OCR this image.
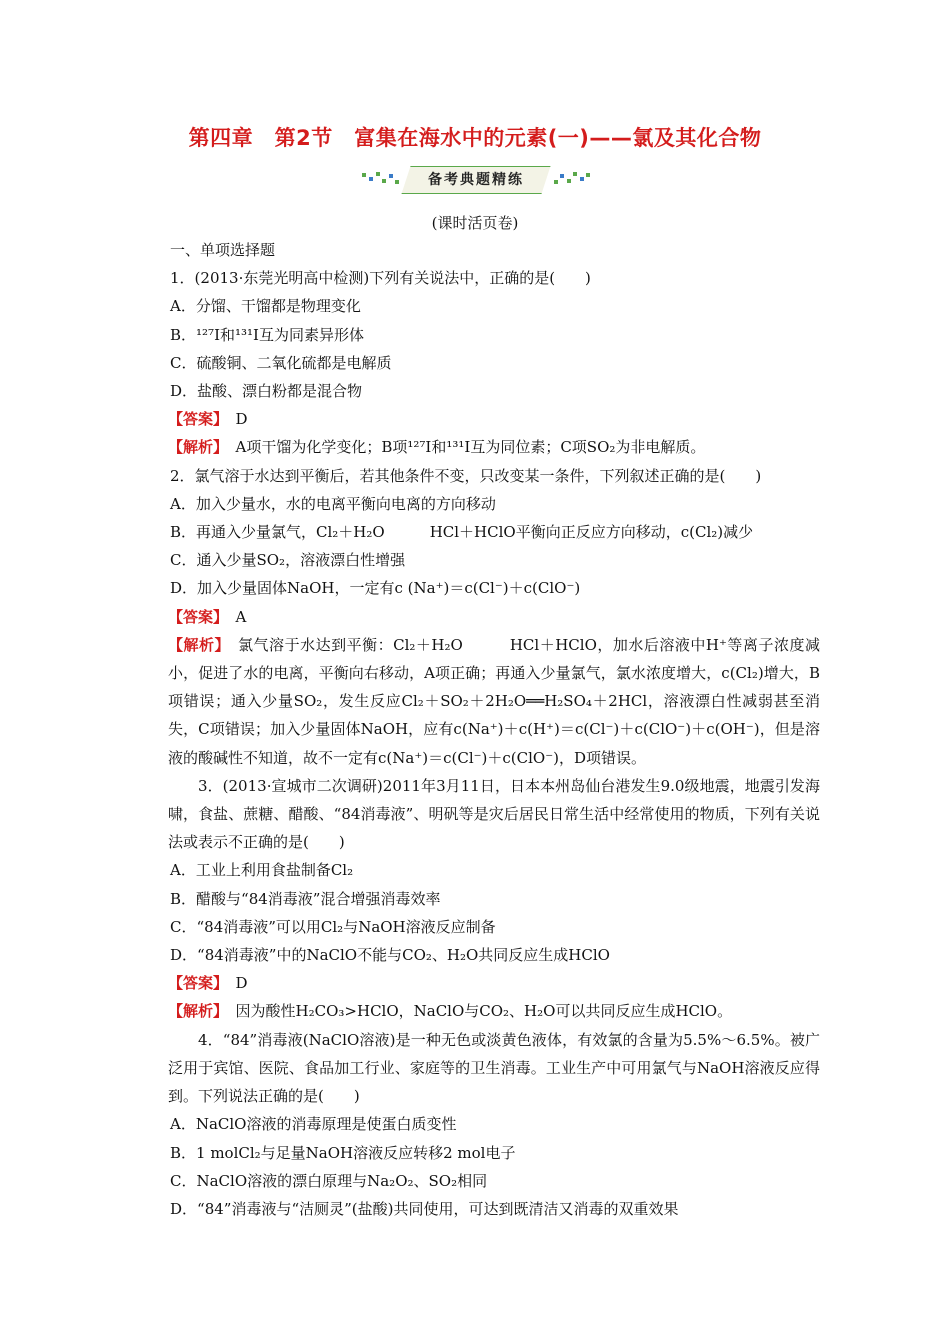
第四章　第2节　富集在海水中的元素(一)——氯及其化合物
备考典题精练
(课时活页卷)

一、单项选择题

1．(2013·东莞光明高中检测)下列有关说法中，正确的是(　　)

A．分馏、干馏都是物理变化

B．¹²⁷I和¹³¹I互为同素异形体

C．硫酸铜、二氧化硫都是电解质

D．盐酸、漂白粉都是混合物

【答案】　 D

【解析】　 A项干馏为化学变化；B项¹²⁷I和¹³¹I互为同位素；C项SO₂为非电解质。

2．氯气溶于水达到平衡后，若其他条件不变，只改变某一条件，下列叙述正确的是(　　)

A．加入少量水，水的电离平衡向电离的方向移动

B．再通入少量氯气，Cl₂＋H₂O　　　HCl＋HClO平衡向正反应方向移动，c(Cl₂)减少

C．通入少量SO₂，溶液漂白性增强

D．加入少量固体NaOH，一定有c (Na⁺)＝c(Cl⁻)＋c(ClO⁻)

【答案】　 A

【解析】　 氯气溶于水达到平衡：Cl₂＋H₂O　　　HCl＋HClO，加水后溶液中H⁺等离子浓度减小，促进了水的电离，平衡向右移动，A项正确；再通入少量氯气，氯水浓度增大，c(Cl₂)增大，B项错误；通入少量SO₂，发生反应Cl₂＋SO₂＋2H₂O══H₂SO₄＋2HCl，溶液漂白性减弱甚至消失，C项错误；加入少量固体NaOH，应有c(Na⁺)＋c(H⁺)＝c(Cl⁻)＋c(ClO⁻)＋c(OH⁻)，但是溶液的酸碱性不知道，故不一定有c(Na⁺)＝c(Cl⁻)＋c(ClO⁻)，D项错误。

3．(2013·宣城市二次调研)2011年3月11日，日本本州岛仙台港发生9.0级地震，地震引发海啸，食盐、蔗糖、醋酸、“84消毒液”、明矾等是灾后居民日常生活中经常使用的物质，下列有关说法或表示不正确的是(　　)

A．工业上利用食盐制备Cl₂

B．醋酸与“84消毒液”混合增强消毒效率

C．“84消毒液”可以用Cl₂与NaOH溶液反应制备

D．“84消毒液”中的NaClO不能与CO₂、H₂O共同反应生成HClO

【答案】　 D

【解析】　 因为酸性H₂CO₃>HClO，NaClO与CO₂、H₂O可以共同反应生成HClO。

4．“84”消毒液(NaClO溶液)是一种无色或淡黄色液体，有效氯的含量为5.5%～6.5%。被广泛用于宾馆、医院、食品加工行业、家庭等的卫生消毒。工业生产中可用氯气与NaOH溶液反应得到。下列说法正确的是(　　)

A．NaClO溶液的消毒原理是使蛋白质变性

B．1 molCl₂与足量NaOH溶液反应转移2 mol电子

C．NaClO溶液的漂白原理与Na₂O₂、SO₂相同

D．“84”消毒液与“洁厕灵”(盐酸)共同使用，可达到既清洁又消毒的双重效果
